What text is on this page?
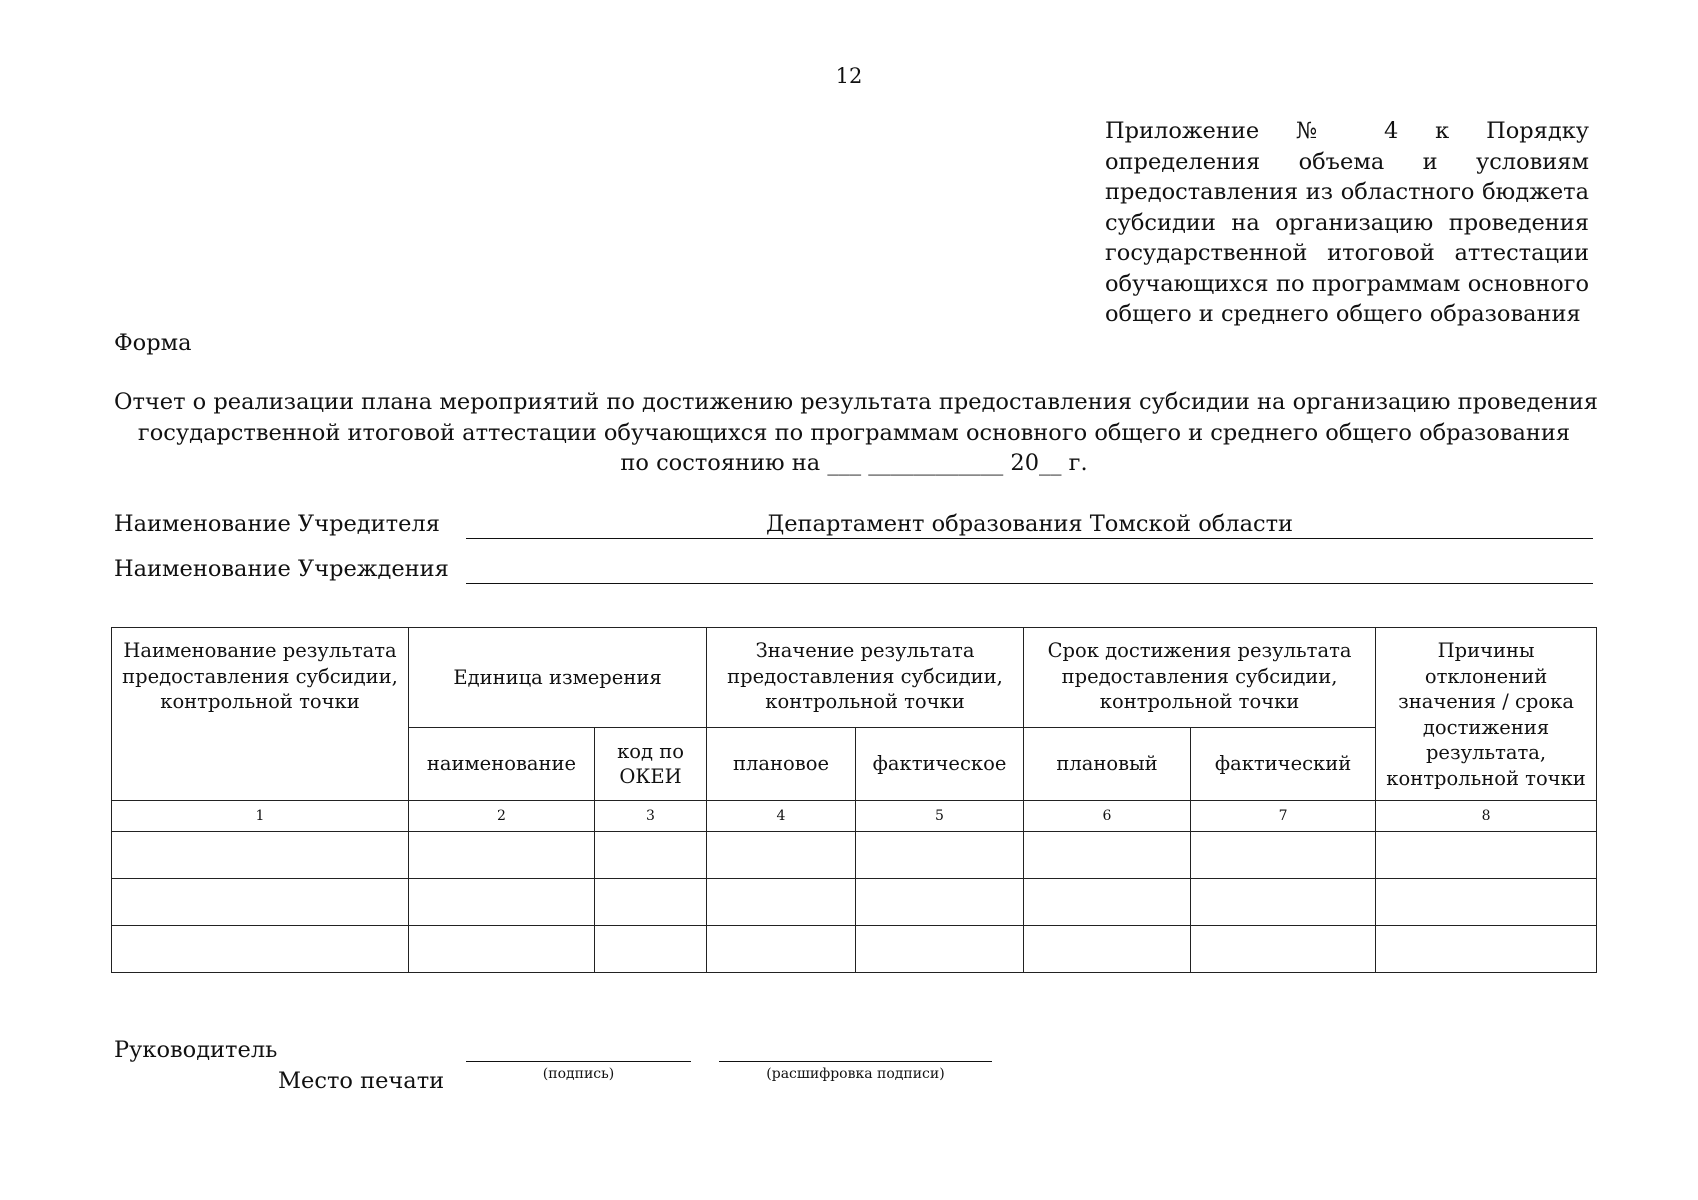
12
Приложение № 4 к Порядку определения объема и условиям предоставления из областного бюджета субсидии на организацию проведения государственной итоговой аттестации обучающихся по программам основного общего и среднего общего образования
Форма
Отчет о реализации плана мероприятий по достижению результата предоставления субсидии на организацию проведения
государственной итоговой аттестации обучающихся по программам основного общего и среднего общего образования
по состоянию на ___ ____________ 20__ г.
Наименование Учредителя	Департамент образования Томской области
Наименование Учреждения
Наименование результата предоставления субсидии, контрольной точки	Единица измерения		Значение результата предоставления субсидии, контрольной точки		Срок достижения результата предоставления субсидии, контрольной точки		Причины отклонений значения / срока достижения результата, контрольной точки
	наименование	код по ОКЕИ	плановое	фактическое	плановый	фактический	
1	2	3	4	5	6	7	8

Руководитель
Место печати	(подпись)	(расшифровка подписи)
